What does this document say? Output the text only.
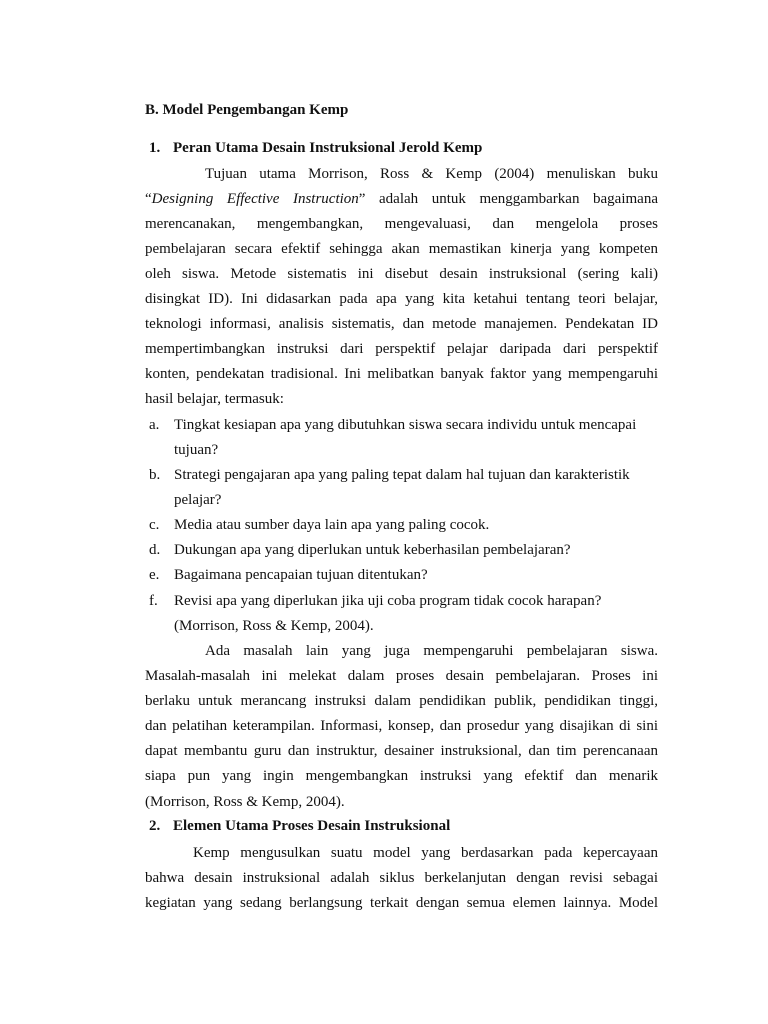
B. Model Pengembangan Kemp

1. Peran Utama Desain Instruksional Jerold Kemp

Tujuan utama Morrison, Ross & Kemp (2004) menuliskan buku

“Designing Effective Instruction” adalah untuk menggambarkan bagaimana

merencanakan, mengembangkan, mengevaluasi, dan mengelola proses

pembelajaran secara efektif sehingga akan memastikan kinerja yang kompeten

oleh siswa. Metode sistematis ini disebut desain instruksional (sering kali)

disingkat ID). Ini didasarkan pada apa yang kita ketahui tentang teori belajar,

teknologi informasi, analisis sistematis, dan metode manajemen. Pendekatan ID

mempertimbangkan instruksi dari perspektif pelajar daripada dari perspektif

konten, pendekatan tradisional. Ini melibatkan banyak faktor yang mempengaruhi

hasil belajar, termasuk:

a. Tingkat kesiapan apa yang dibutuhkan siswa secara individu untuk mencapai

tujuan?

b. Strategi pengajaran apa yang paling tepat dalam hal tujuan dan karakteristik

pelajar?

c. Media atau sumber daya lain apa yang paling cocok.

d. Dukungan apa yang diperlukan untuk keberhasilan pembelajaran?

e. Bagaimana pencapaian tujuan ditentukan?

f. Revisi apa yang diperlukan jika uji coba program tidak cocok harapan?

(Morrison, Ross & Kemp, 2004).

Ada masalah lain yang juga mempengaruhi pembelajaran siswa.

Masalah-masalah ini melekat dalam proses desain pembelajaran. Proses ini

berlaku untuk merancang instruksi dalam pendidikan publik, pendidikan tinggi,

dan pelatihan keterampilan. Informasi, konsep, dan prosedur yang disajikan di sini

dapat membantu guru dan instruktur, desainer instruksional, dan tim perencanaan

siapa pun yang ingin mengembangkan instruksi yang efektif dan menarik

(Morrison, Ross & Kemp, 2004).

2. Elemen Utama Proses Desain Instruksional

Kemp mengusulkan suatu model yang berdasarkan pada kepercayaan

bahwa desain instruksional adalah siklus berkelanjutan dengan revisi sebagai

kegiatan yang sedang berlangsung terkait dengan semua elemen lainnya. Model
